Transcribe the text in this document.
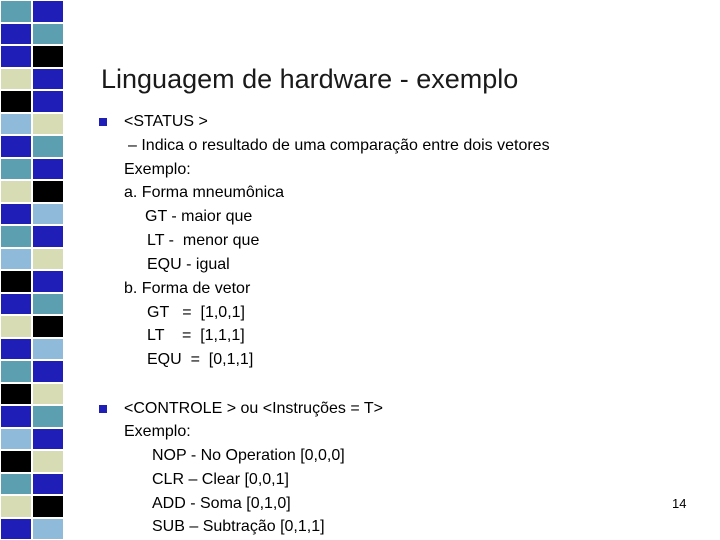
Linguagem de hardware - exemplo
<STATUS >
– Indica o resultado de uma comparação entre dois vetores
Exemplo:
a. Forma mneumônica
GT - maior que
LT -  menor que
EQU - igual
b. Forma de vetor
GT   =  [1,0,1]
LT    =  [1,1,1]
EQU  =  [0,1,1]
<CONTROLE > ou <Instruções = T>
Exemplo:
NOP - No Operation [0,0,0]
CLR – Clear [0,0,1]
ADD - Soma [0,1,0]
SUB – Subtração [0,1,1]
14
